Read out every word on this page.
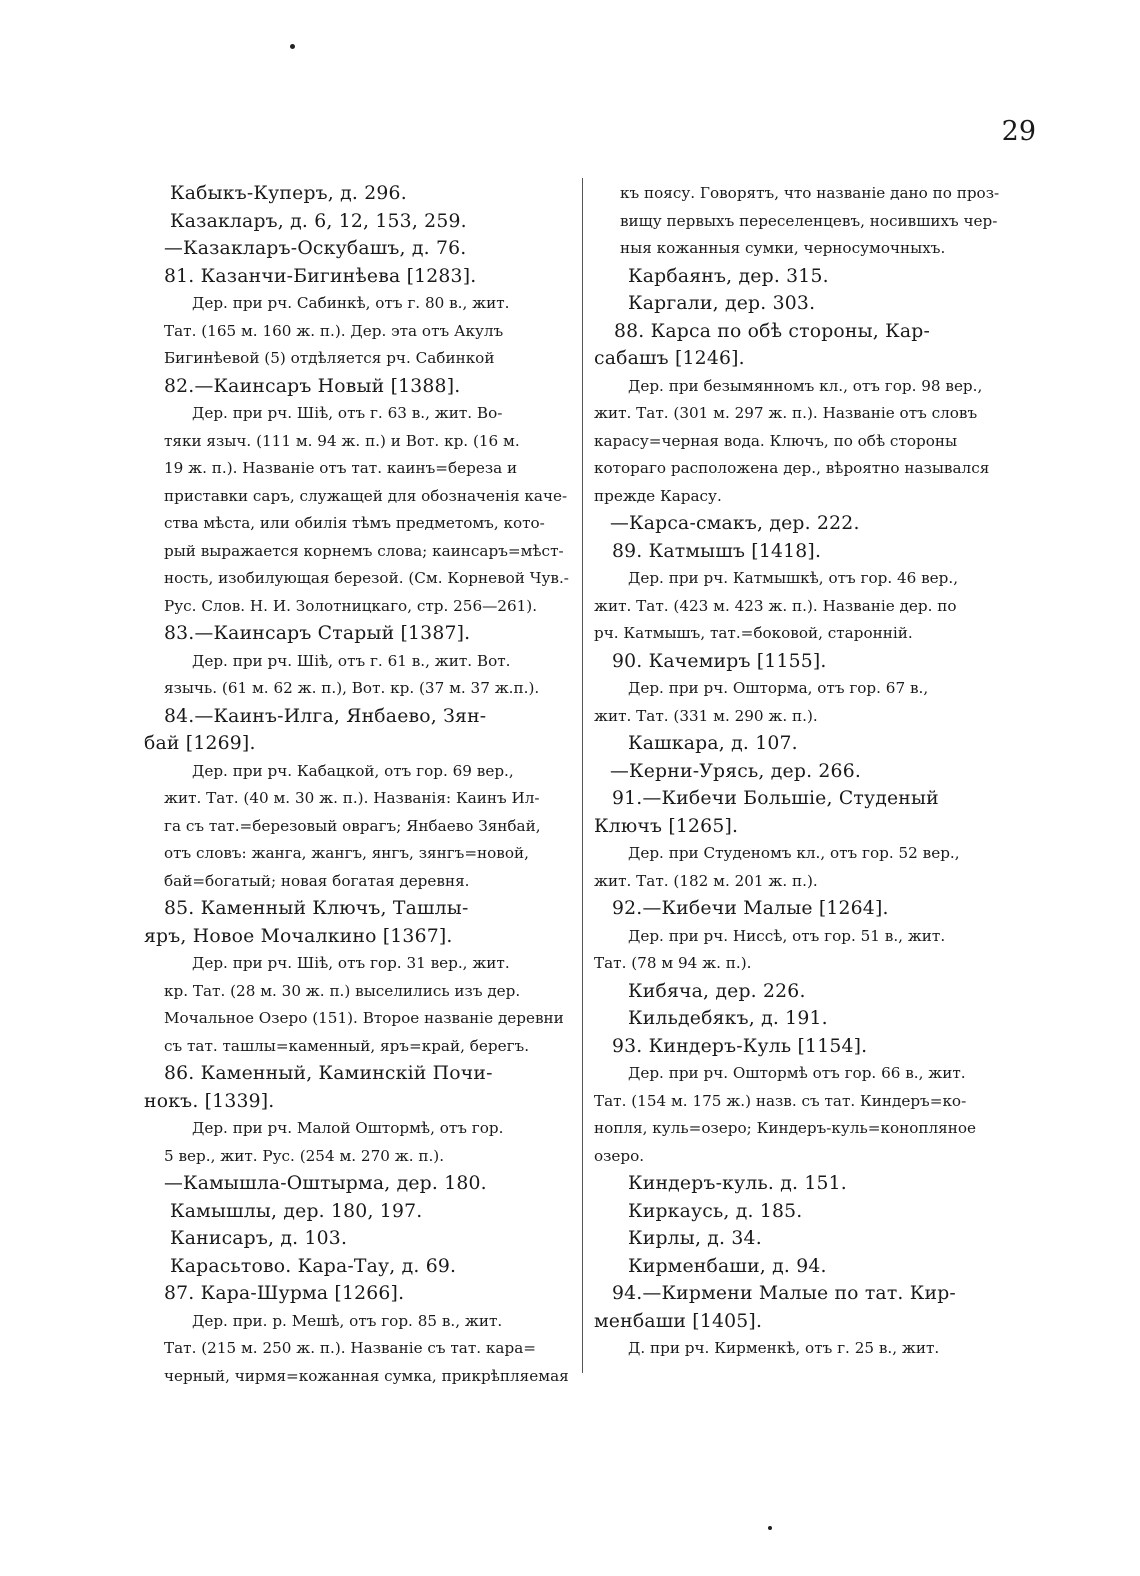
29
Кабыкъ-Куперъ, д. 296.
Казакларъ, д. 6, 12, 153, 259.
—Казакларъ-Оскубашъ, д. 76.
81. Казанчи-Бигинѣева [1283].
Дер. при рч. Сабинкѣ, отъ г. 80 в., жит.
Тат. (165 м. 160 ж. п.). Дер. эта отъ Акулъ
Бигинѣевой (5) отдѣляется рч. Сабинкой
82.—Каинсаръ Новый [1388].
Дер. при рч. Шіѣ, отъ г. 63 в., жит. Во-
тяки языч. (111 м. 94 ж. п.) и Вот. кр. (16 м.
19 ж. п.). Названіе отъ тат. каинъ=береза и
приставки саръ, служащей для обозначенія каче-
ства мѣста, или обилія тѣмъ предметомъ, кото-
рый выражается корнемъ слова; каинсаръ=мѣст-
ность, изобилующая березой. (См. Корневой Чув.-
Рус. Слов. Н. И. Золотницкаго, стр. 256—261).
83.—Каинсаръ Старый [1387].
Дер. при рч. Шіѣ, отъ г. 61 в., жит. Вот.
язычь. (61 м. 62 ж. п.), Вот. кр. (37 м. 37 ж.п.).
84.—Каинъ-Илга, Янбаево, Зян-
бай [1269].
Дер. при рч. Кабацкой, отъ гор. 69 вер.,
жит. Тат. (40 м. 30 ж. п.). Названія: Каинъ Ил-
га съ тат.=березовый оврагъ; Янбаево Зянбай,
отъ словъ: жанга, жангъ, янгъ, зянгъ=новой,
бай=богатый; новая богатая деревня.
85. Каменный Ключъ, Ташлы-
яръ, Новое Мочалкино [1367].
Дер. при рч. Шіѣ, отъ гор. 31 вер., жит.
кр. Тат. (28 м. 30 ж. п.) выселились изъ дер.
Мочальное Озеро (151). Второе названіе деревни
съ тат. ташлы=каменный, яръ=край, берегъ.
86. Каменный, Каминскій Почи-
нокъ. [1339].
Дер. при рч. Малой Оштормѣ, отъ гор.
5 вер., жит. Рус. (254 м. 270 ж. п.).
—Камышла-Оштырма, дер. 180.
Камышлы, дер. 180, 197.
Канисаръ, д. 103.
Карасьтово. Кара-Тау, д. 69.
87. Кара-Шурма [1266].
Дер. при. р. Мешѣ, отъ гор. 85 в., жит.
Тат. (215 м. 250 ж. п.). Названіе съ тат. кара=
черный, чирмя=кожанная сумка, прикрѣпляемая
къ поясу. Говорятъ, что названіе дано по проз-
вищу первыхъ переселенцевъ, носившихъ чер-
ныя кожанныя сумки, черносумочныхъ.
Карбаянъ, дер. 315.
Каргали, дер. 303.
88. Карса по обѣ стороны, Кар-
сабашъ [1246].
Дер. при безымянномъ кл., отъ гор. 98 вер.,
жит. Тат. (301 м. 297 ж. п.). Названіе отъ словъ
карасу=черная вода. Ключъ, по обѣ стороны
котораго расположена дер., вѣроятно назывался
прежде Карасу.
—Карса-смакъ, дер. 222.
89. Катмышъ [1418].
Дер. при рч. Катмышкѣ, отъ гор. 46 вер.,
жит. Тат. (423 м. 423 ж. п.). Названіе дер. по
рч. Катмышъ, тат.=боковой, старонній.
90. Качемиръ [1155].
Дер. при рч. Ошторма, отъ гор. 67 в.,
жит. Тат. (331 м. 290 ж. п.).
Кашкара, д. 107.
—Керни-Урясь, дер. 266.
91.—Кибечи Большіе, Студеный
Ключъ [1265].
Дер. при Студеномъ кл., отъ гор. 52 вер.,
жит. Тат. (182 м. 201 ж. п.).
92.—Кибечи Малые [1264].
Дер. при рч. Ниссѣ, отъ гор. 51 в., жит.
Тат. (78 м 94 ж. п.).
Кибяча, дер. 226.
Кильдебякъ, д. 191.
93. Киндеръ-Куль [1154].
Дер. при рч. Оштормѣ отъ гор. 66 в., жит.
Тат. (154 м. 175 ж.) назв. съ тат. Киндеръ=ко-
нопля, куль=озеро; Киндеръ-куль=конопляное
озеро.
Киндеръ-куль. д. 151.
Киркаусь, д. 185.
Кирлы, д. 34.
Кирменбаши, д. 94.
94.—Кирмени Малые по тат. Кир-
менбаши [1405].
Д. при рч. Кирменкѣ, отъ г. 25 в., жит.
